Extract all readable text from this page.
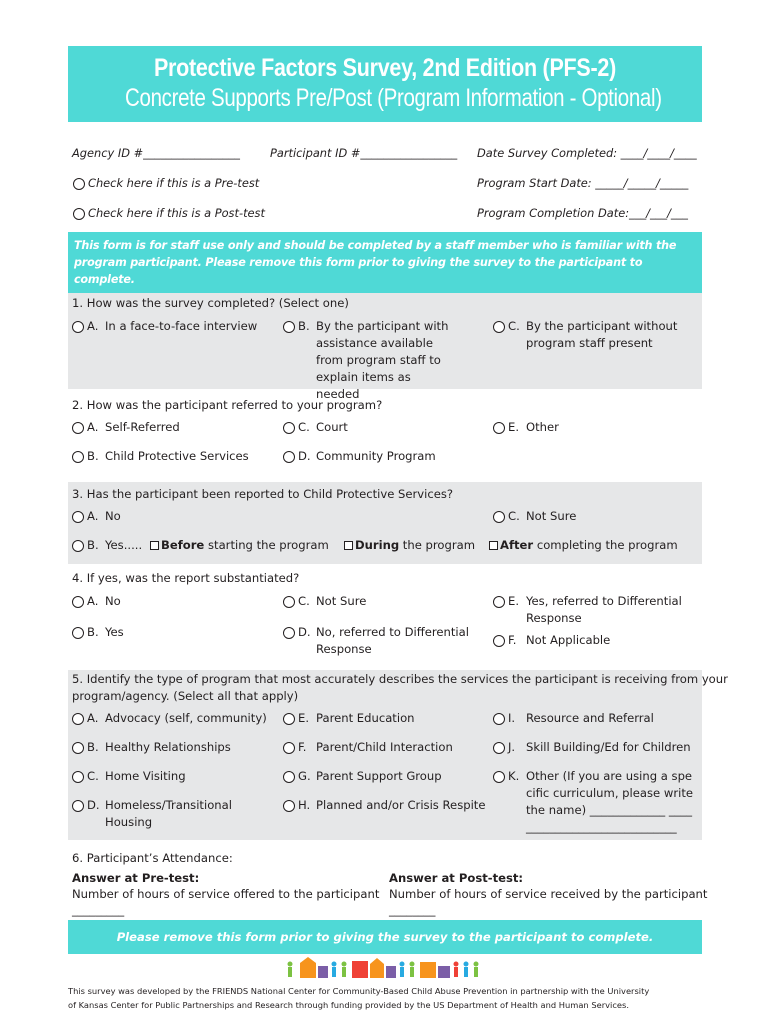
Protective Factors Survey, 2nd Edition (PFS-2)
Concrete Supports Pre/Post (Program Information - Optional)
Agency ID #_________________	Participant ID #_________________ Date Survey Completed: ____/____/____
Check here if this is a Pre-test	Program Start Date: _____/_____/_____
Check here if this is a Post-test	Program Completion Date:___/___/___
This form is for staff use only and should be completed by a staff member who is familiar with the program participant. Please remove this form prior to giving the survey to the participant to complete.
1. How was the survey completed? (Select one)
A. In a face-to-face interview	B. By the participant with assistance available from program staff to explain items as needed
C. By the participant without program staff present
2. How was the participant referred to your program?
A. Self-Referred	C. Court	E. Other
B. Child Protective Services	D. Community Program
3. Has the participant been reported to Child Protective Services?
A. No	C. Not Sure
B. Yes.....	Before starting the program	During the program	After completing the program
4. If yes, was the report substantiated?
A. No	C. Not Sure	E. Yes, referred to Differential Response
B. Yes	D. No, referred to Differential Response
F. Not Applicable
5. Identify the type of program that most accurately describes the services the participant is receiving from your
program/agency. (Select all that apply)
A. Advocacy (self, community)	E. Parent Education	I. Resource and Referral
B. Healthy Relationships	F. Parent/Child Interaction	J. Skill Building/Ed for Children
C. Home Visiting	G. Parent Support Group	K. Other (If you are using a specific curriculum, please write the name) _____________ ______________________________
D. Homeless/Transitional Housing
H. Planned and/or Crisis Respite
6. Participant’s Attendance:
Answer at Pre-test:
Number of hours of service offered to the participant
_________
Answer at Post-test:
Number of hours of service received by the participant
________
Please remove this form prior to giving the survey to the participant to complete.
This survey was developed by the FRIENDS National Center for Community-Based Child Abuse Prevention in partnership with the University
of Kansas Center for Public Partnerships and Research through funding provided by the US Department of Health and Human Services.
